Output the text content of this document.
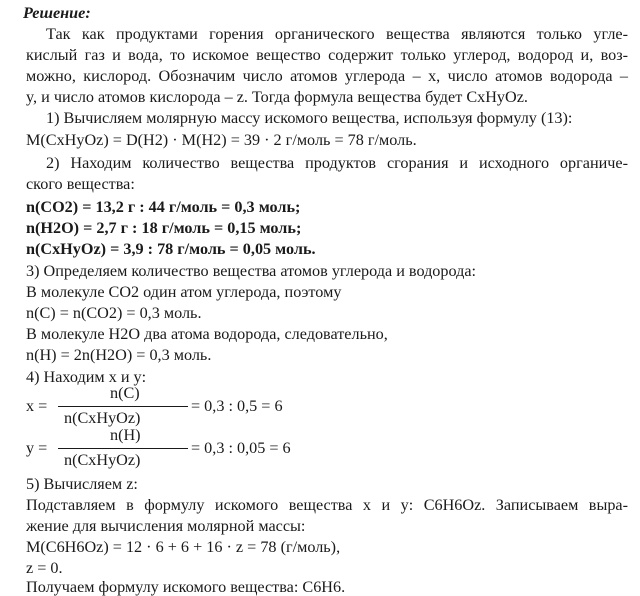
Решение:
Так как продуктами горения органического вещества являются только угле-
кислый газ и вода, то искомое вещество содержит только углерод, водород и, воз-
можно, кислород. Обозначим число атомов углерода – x, число атомов водорода –
y, и число атомов кислорода – z. Тогда формула вещества будет CxHyOz.
1) Вычисляем молярную массу искомого вещества, используя формулу (13):
M(CxHyOz) = D(H2) · M(H2) = 39 · 2 г/моль = 78 г/моль.
2) Находим количество вещества продуктов сгорания и исходного органиче-
ского вещества:
n(CO2) = 13,2 г : 44 г/моль = 0,3 моль;
n(H2O) = 2,7 г : 18 г/моль = 0,15 моль;
n(CxHyOz) = 3,9 : 78 г/моль = 0,05 моль.
3) Определяем количество вещества атомов углерода и водорода:
В молекуле CO2 один атом углерода, поэтому
n(C) = n(CO2) = 0,3 моль.
В молекуле H2O два атома водорода, следовательно,
n(H) = 2n(H2O) = 0,3 моль.
4) Находим x и y:
x =
n(C)
n(CxHyOz)
= 0,3 : 0,5 = 6
y =
n(H)
n(CxHyOz)
= 0,3 : 0,05 = 6
5) Вычисляем z:
Подставляем в формулу искомого вещества x и y: C6H6Oz. Записываем выра-
жение для вычисления молярной массы:
M(C6H6Oz) = 12 · 6 + 6 + 16 · z = 78 (г/моль),
z = 0.
Получаем формулу искомого вещества: C6H6.
